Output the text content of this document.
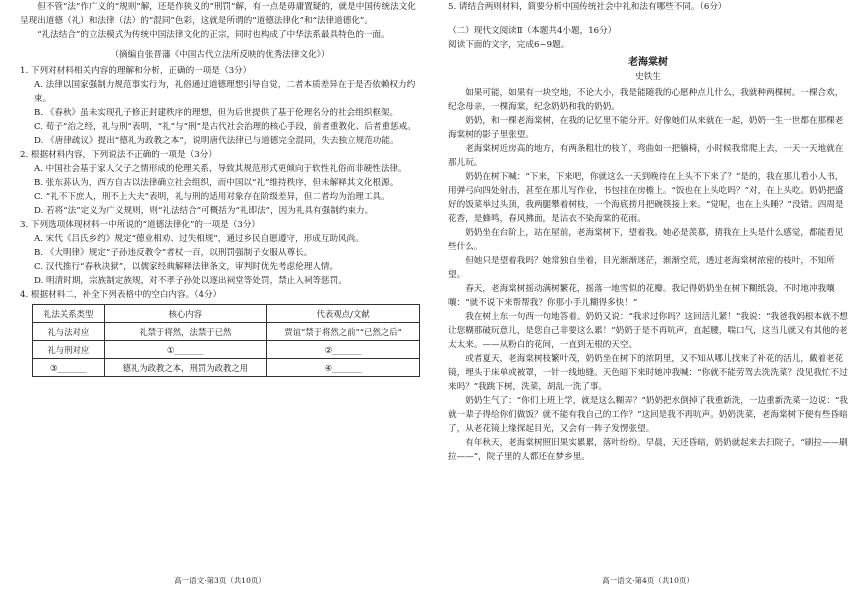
但不管“法”作广义的“规则”解，还是作狭义的“刑罚”解，有一点是毋庸置疑的，就是中国传统法文化呈现出道德（礼）和法律（法）的“混同”色彩，这就是所谓的“道德法律化”和“法律道德化”。

“礼法结合”的立法模式为传统中国法律文化的正宗，同时也构成了中华法系最具特色的一面。

（摘编自张晋藩《中国古代立法所反映的优秀法律文化》）

1. 下列对材料相关内容的理解和分析，正确的一项是（3分）

A. 法律以国家强制力规范事实行为，礼俗通过道德理想引导自觉，二者本质差异在于是否依赖权力约束。

B. 《春秋》虽未实现孔子修正封建秩序的理想，但为后世提供了基于伦理名分的社会组织框架。

C. 荀子“治之经，礼与刑”表明，“礼”与“刑”是古代社会治理的核心手段，前者重教化、后者重惩戒。

D. 《唐律疏议》提出“德礼为政教之本”，说明唐代法律已与道德完全混同，失去独立规范功能。

2. 根据材料内容，下列说法不正确的一项是（3分）

A. 中国社会基于家人父子之情形成的伦理关系，导致其规范形式更倾向于软性礼俗而非硬性法律。

B. 张东荪认为，西方自古以法律确立社会组织，而中国以“礼”维持秩序，但未解释其文化根源。

C. “礼不下庶人，刑不上大夫”表明，礼与刑的适用对象存在阶级差异，但二者均为治理工具。

D. 若将“法”定义为广义规则，则“礼法结合”可概括为“礼即法”，因为礼具有强制约束力。

3. 下列选项体现材料一中所说的“道德法律化”的一项是（3分）

A. 宋代《吕氏乡约》规定“德业相劝、过失相规”，通过乡民自愿遵守，形成互助风尚。

B. 《大明律》规定“子孙违反教令”者杖一百，以刑罚强制子女服从尊长。

C. 汉代推行“春秋决狱”，以儒家经典解释法律条文，审判时优先考虑伦理人情。

D. 明清时期，宗族制定族规，对不孝子孙处以逐出祠堂等处罚，禁止入祠等惩罚。

4. 根据材料二，补全下列表格中的空白内容。（4分）

礼法关系类型	核心内容	代表观点/文献
礼与法对应	礼禁于将然，法禁于已然	贾谊“禁于将然之前”“已然之后”
礼与刑对应	①_______	②_______
③_______	德礼为政教之本，刑罚为政教之用	④_______
高一语文·第3页（共10页）

5. 请结合两则材料，简要分析中国传统社会中礼和法有哪些不同。（6分）

（二）现代文阅读Ⅱ（本题共4小题，16分）

阅读下面的文字，完成6~9题。

老海棠树

史铁生

如果可能，如果有一块空地，不论大小，我是能随我的心愿种点儿什么，我就种两棵树。一棵合欢，纪念母亲，一棵海棠，纪念奶奶和我的奶奶。

奶奶，和一棵老海棠树，在我的记忆里不能分开。好像她们从来就在一起，奶奶一生一世都在那棵老海棠树的影子里张望。

老海棠树近房高的地方，有两条粗壮的枝丫，弯曲如一把躺椅，小时候我常爬上去，一天一天地就在那儿玩。

奶奶在树下喊：“下来，下来吧，你就这么一天到晚待在上头不下来了？”是的，我在那儿看小人书，用弹弓向四处射击，甚至在那儿写作业，书包挂在房檐上。“饭也在上头吃吗？”对，在上头吃。奶奶把盛好的饭菜举过头顶，我两腿攀着树枝，一个海底捞月把碗筷接上来。“觉呢，也在上头睡？”没错。四周是花香，是蜂鸣，春风拂面，是沾衣不染海棠的花雨。

奶奶坐在台阶上，站在屋前，老海棠树下，望着我。她必是羡慕，猜我在上头是什么感觉，都能看见些什么。

但她只是望着我吗？她常独自坐着，目光渐渐迷茫，渐渐空荒，透过老海棠树浓密的枝叶，不知所望。

春天，老海棠树摇动满树繁花，摇落一地雪似的花瓣。我记得奶奶坐在树下糊纸袋，不时地冲我嚷嚷：“就不说下来帮帮我？你那小手儿糊得多快！”

我在树上东一句西一句地答着。奶奶又说：“我求过你吗？这回活儿紧！”我说：“我爸我妈根本就不想让您糊那破玩意儿，是您自己非要这么累！”奶奶于是不再吭声，直起腰，喘口气，这当儿就又有其他的老太太来。——从粉白的花间，一直到无根的天空。

或者夏天，老海棠树枝繁叶茂，奶奶坐在树下的浓阴里，又不知从哪儿找来了补花的活儿，戴着老花镜，埋头于床单或被罩，一针一线地缝。天色暗下来时她冲我喊：“你就不能劳驾去洗洗菜？没见我忙不过来吗？”我跳下树，洗菜，胡乱一洗了事。

奶奶生气了：“你们上班上学，就是这么糊弄？”奶奶把水倒掉了我重新洗，一边重新洗菜一边说：“我就一辈子得给你们做饭？就不能有我自己的工作？”这回是我不再吭声。奶奶洗菜，老海棠树下便有些昏暗了，从老花镜上缘探起目光，又会有一阵子发愣张望。

有年秋天，老海棠树照旧果实累累，落叶纷纷。早晨，天还昏暗，奶奶就起来去扫院子，“刷拉——刷拉——”，院子里的人都还在梦乡里。

高一语文·第4页（共10页）
